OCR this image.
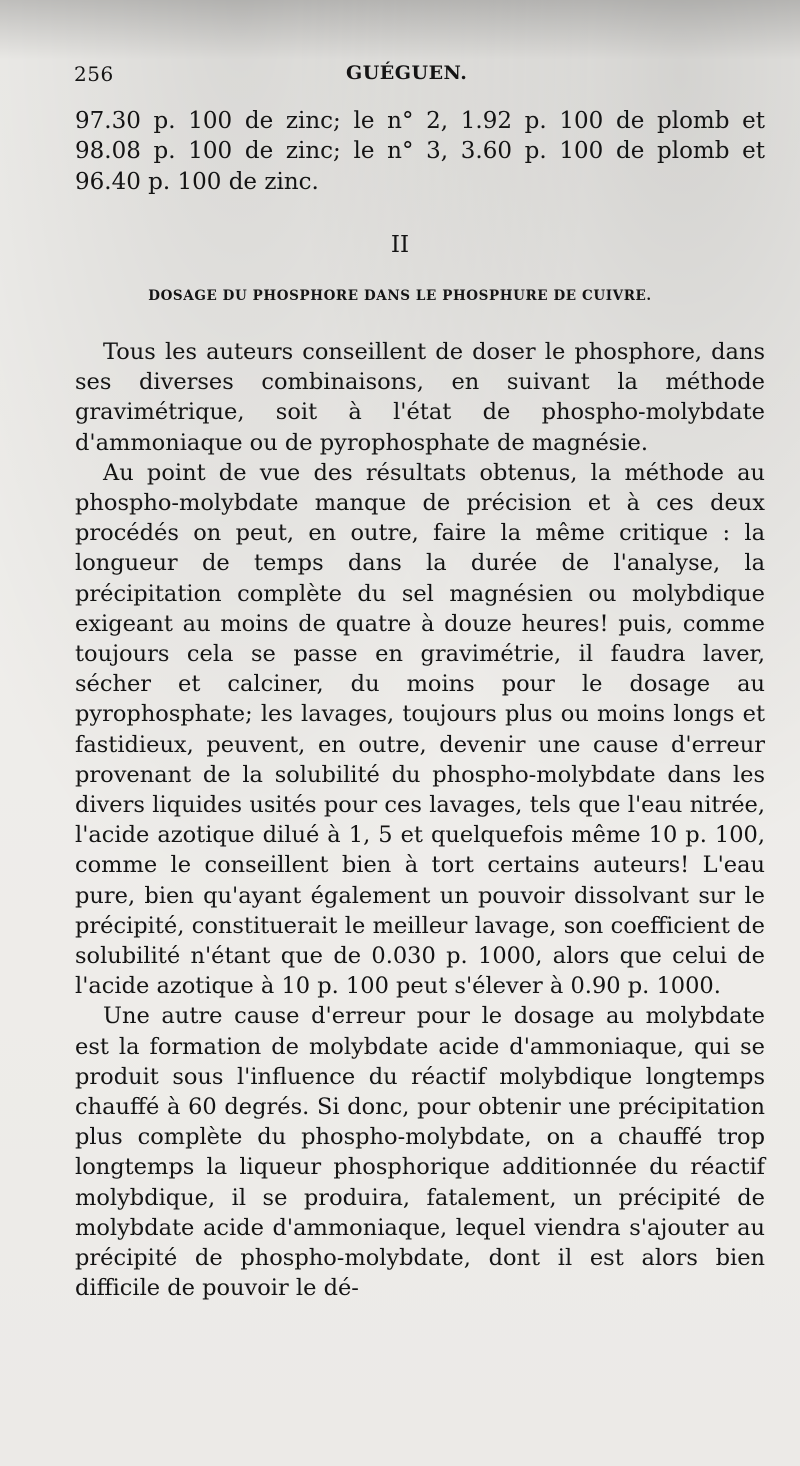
256	GUÉGUEN.

97.30 p. 100 de zinc; le n° 2, 1.92 p. 100 de plomb et 98.08 p. 100 de zinc; le n° 3, 3.60 p. 100 de plomb et 96.40 p. 100 de zinc.

II
DOSAGE DU PHOSPHORE DANS LE PHOSPHURE DE CUIVRE.

Tous les auteurs conseillent de doser le phosphore, dans ses diverses combinaisons, en suivant la méthode gravimétrique, soit à l'état de phospho-molybdate d'ammoniaque ou de pyrophosphate de magnésie.

Au point de vue des résultats obtenus, la méthode au phospho-molybdate manque de précision et à ces deux procédés on peut, en outre, faire la même critique : la longueur de temps dans la durée de l'analyse, la précipitation complète du sel magnésien ou molybdique exigeant au moins de quatre à douze heures! puis, comme toujours cela se passe en gravimétrie, il faudra laver, sécher et calciner, du moins pour le dosage au pyrophosphate; les lavages, toujours plus ou moins longs et fastidieux, peuvent, en outre, devenir une cause d'erreur provenant de la solubilité du phospho-molybdate dans les divers liquides usités pour ces lavages, tels que l'eau nitrée, l'acide azotique dilué à 1, 5 et quelquefois même 10 p. 100, comme le conseillent bien à tort certains auteurs! L'eau pure, bien qu'ayant également un pouvoir dissolvant sur le précipité, constituerait le meilleur lavage, son coefficient de solubilité n'étant que de 0.030 p. 1000, alors que celui de l'acide azotique à 10 p. 100 peut s'élever à 0.90 p. 1000.

Une autre cause d'erreur pour le dosage au molybdate est la formation de molybdate acide d'ammoniaque, qui se produit sous l'influence du réactif molybdique longtemps chauffé à 60 degrés. Si donc, pour obtenir une précipitation plus complète du phospho-molybdate, on a chauffé trop longtemps la liqueur phosphorique additionnée du réactif molybdique, il se produira, fatalement, un précipité de molybdate acide d'ammoniaque, lequel viendra s'ajouter au précipité de phospho-molybdate, dont il est alors bien difficile de pouvoir le dé-
